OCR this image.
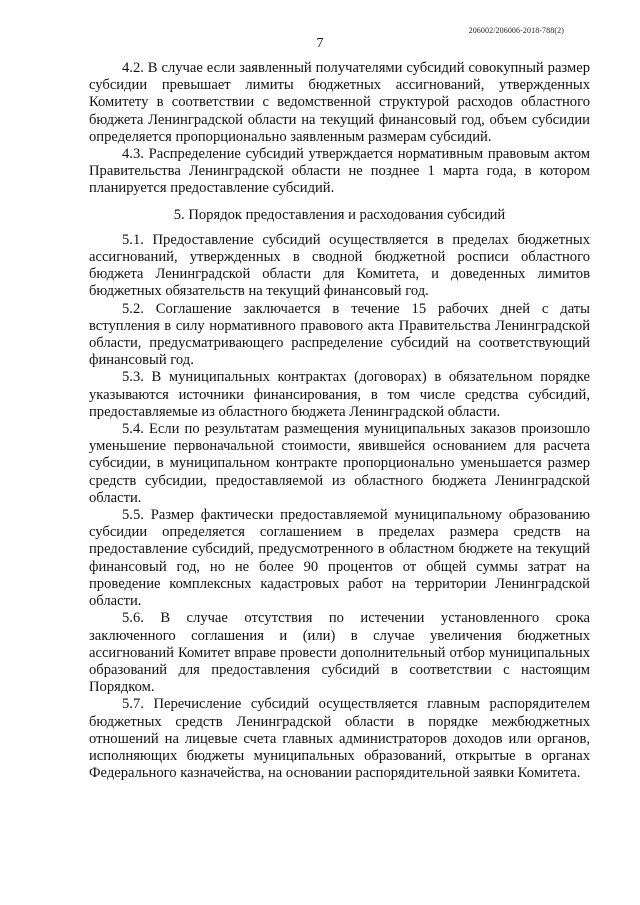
206002/206006-2018-788(2)
7

4.2. В случае если заявленный получателями субсидий совокупный размер субсидии превышает лимиты бюджетных ассигнований, утвержденных Комитету в соответствии с ведомственной структурой расходов областного бюджета Ленинградской области на текущий финансовый год, объем субсидии определяется пропорционально заявленным размерам субсидий.

4.3. Распределение субсидий утверждается нормативным правовым актом Правительства Ленинградской области не позднее 1 марта года, в котором планируется предоставление субсидий.

5. Порядок предоставления и расходования субсидий

5.1. Предоставление субсидий осуществляется в пределах бюджетных ассигнований, утвержденных в сводной бюджетной росписи областного бюджета Ленинградской области для Комитета, и доведенных лимитов бюджетных обязательств на текущий финансовый год.

5.2. Соглашение заключается в течение 15 рабочих дней с даты вступления в силу нормативного правового акта Правительства Ленинградской области, предусматривающего распределение субсидий на соответствующий финансовый год.

5.3. В муниципальных контрактах (договорах) в обязательном порядке указываются источники финансирования, в том числе средства субсидий, предоставляемые из областного бюджета Ленинградской области.

5.4. Если по результатам размещения муниципальных заказов произошло уменьшение первоначальной стоимости, явившейся основанием для расчета субсидии, в муниципальном контракте пропорционально уменьшается размер средств субсидии, предоставляемой из областного бюджета Ленинградской области.

5.5. Размер фактически предоставляемой муниципальному образованию субсидии определяется соглашением в пределах размера средств на предоставление субсидий, предусмотренного в областном бюджете на текущий финансовый год, но не более 90 процентов от общей суммы затрат на проведение комплексных кадастровых работ на территории Ленинградской области.

5.6. В случае отсутствия по истечении установленного срока заключенного соглашения и (или) в случае увеличения бюджетных ассигнований Комитет вправе провести дополнительный отбор муниципальных образований для предоставления субсидий в соответствии с настоящим Порядком.

5.7. Перечисление субсидий осуществляется главным распорядителем бюджетных средств Ленинградской области в порядке межбюджетных отношений на лицевые счета главных администраторов доходов или органов, исполняющих бюджеты муниципальных образований, открытые в органах Федерального казначейства, на основании распорядительной заявки Комитета.
